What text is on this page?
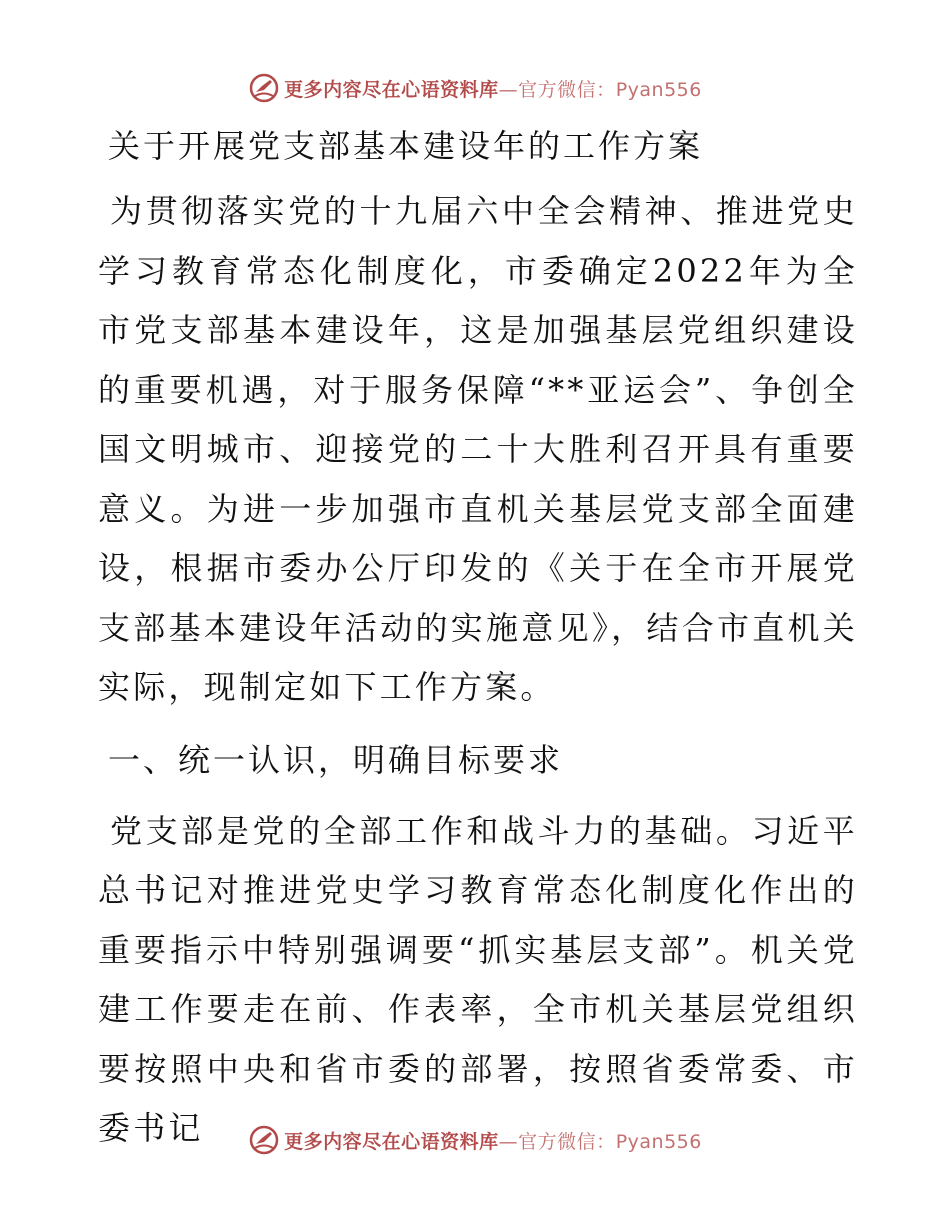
更多内容尽在心语资料库—官方微信：Pyan556
关于开展党支部基本建设年的工作方案

为贯彻落实党的十九届六中全会精神、推进党史学习教育常态化制度化，市委确定2022年为全市党支部基本建设年，这是加强基层党组织建设的重要机遇，对于服务保障“**亚运会”、争创全国文明城市、迎接党的二十大胜利召开具有重要意义。为进一步加强市直机关基层党支部全面建设，根据市委办公厅印发的《关于在全市开展党支部基本建设年活动的实施意见》，结合市直机关实际，现制定如下工作方案。

一、统一认识，明确目标要求

党支部是党的全部工作和战斗力的基础。习近平总书记对推进党史学习教育常态化制度化作出的重要指示中特别强调要“抓实基层支部”。机关党建工作要走在前、作表率，全市机关基层党组织要按照中央和省市委的部署，按照省委常委、市委书记	更多内容尽在心语资料库—官方微信：Pyan556
